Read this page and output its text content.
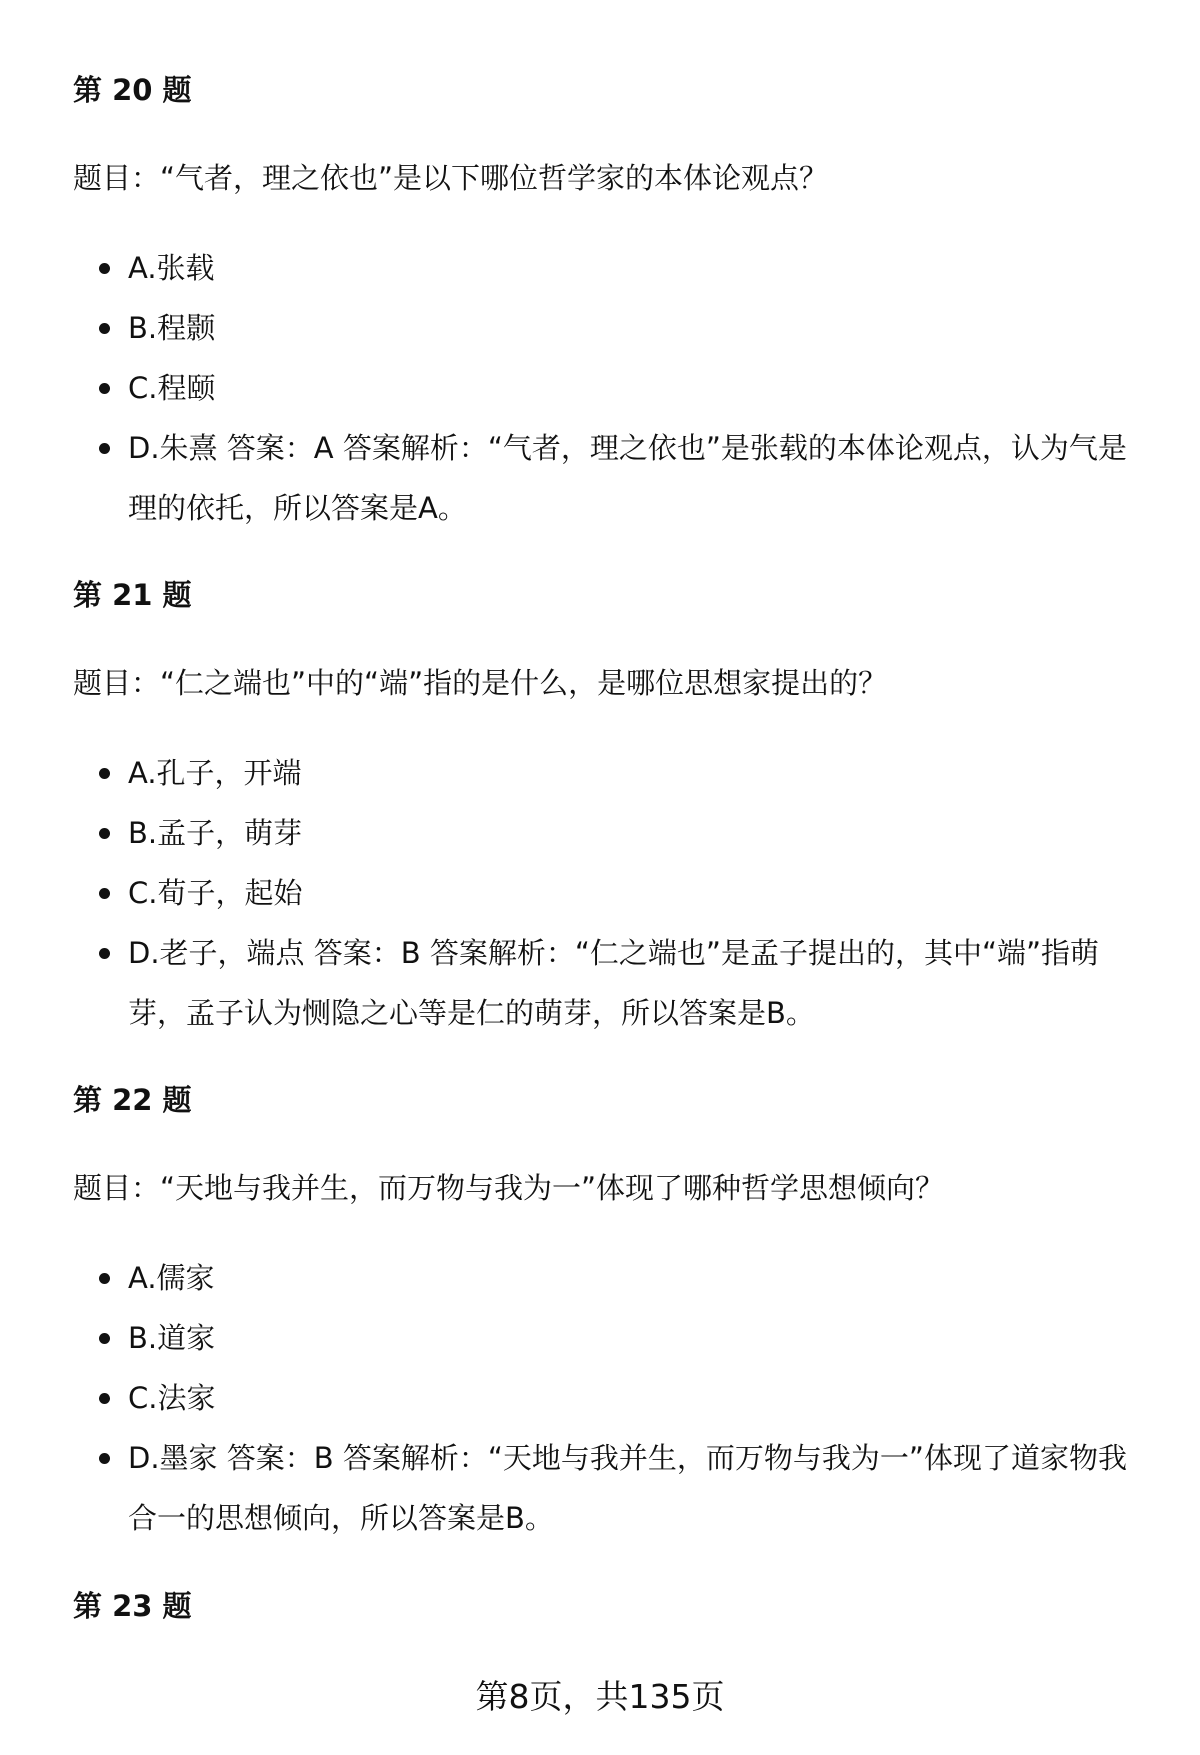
第 20 题

题目：“气者，理之依也”是以下哪位哲学家的本体论观点？

A.张载
B.程颢
C.程颐
D.朱熹 答案：A 答案解析：“气者，理之依也”是张载的本体论观点，认为气是理的依托，所以答案是A。
第 21 题

题目：“仁之端也”中的“端”指的是什么，是哪位思想家提出的？

A.孔子，开端
B.孟子，萌芽
C.荀子，起始
D.老子，端点 答案：B 答案解析：“仁之端也”是孟子提出的，其中“端”指萌芽，孟子认为恻隐之心等是仁的萌芽，所以答案是B。
第 22 题

题目：“天地与我并生，而万物与我为一”体现了哪种哲学思想倾向？

A.儒家
B.道家
C.法家
D.墨家 答案：B 答案解析：“天地与我并生，而万物与我为一”体现了道家物我合一的思想倾向，所以答案是B。
第 23 题
第8页，共135页
